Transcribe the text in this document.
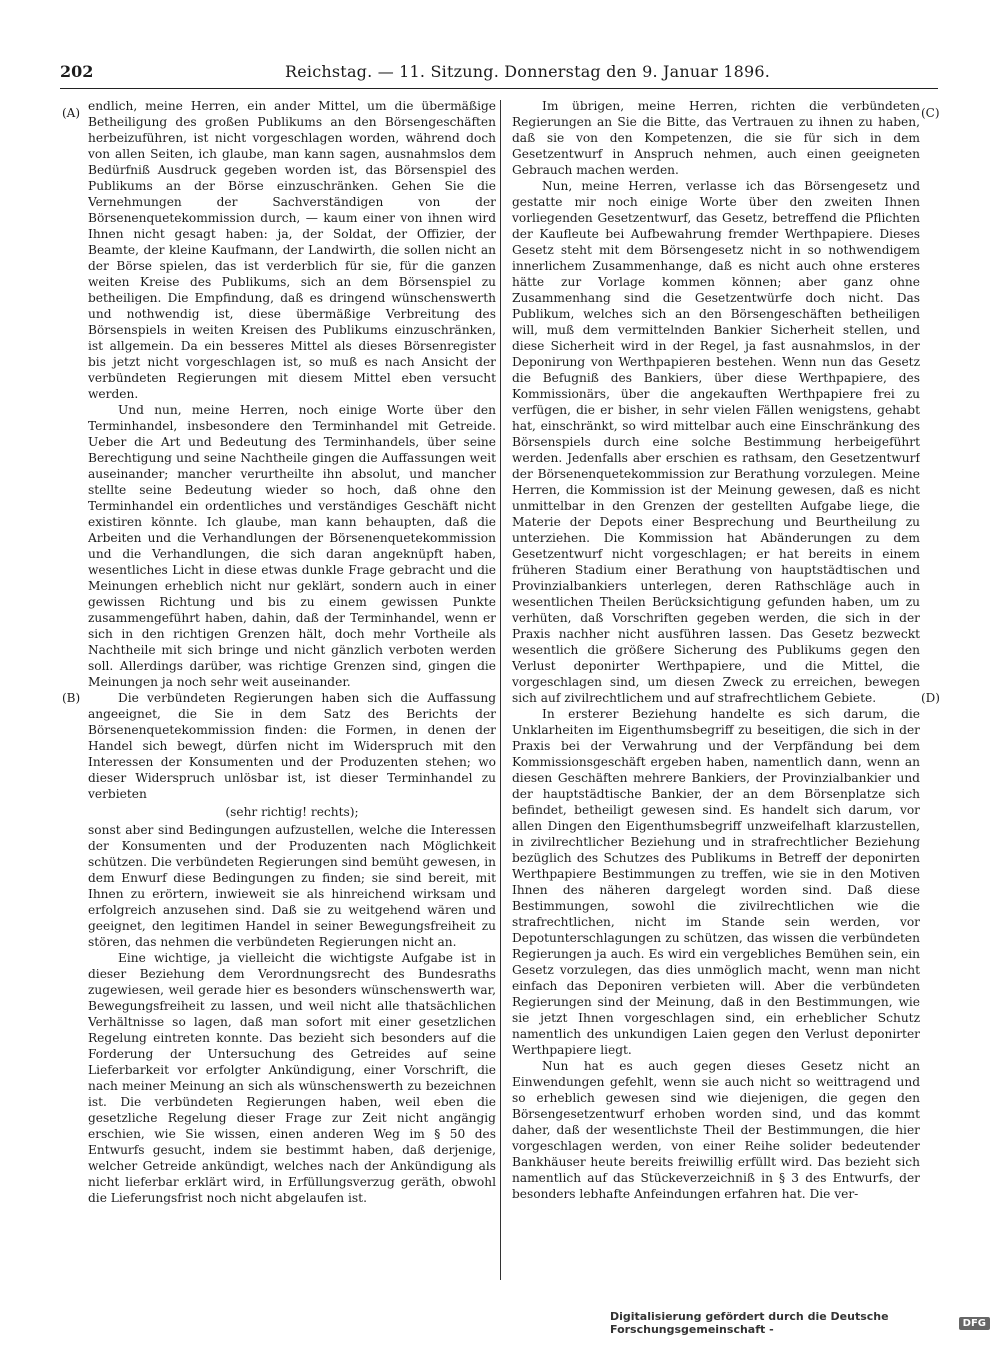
202	Reichstag. — 11. Sitzung. Donnerstag den 9. Januar 1896.
(A)
(B)
(C)
(D)

endlich, meine Herren, ein ander Mittel, um die übermäßige Betheiligung des großen Publikums an den Börsengeschäften herbeizuführen, ist nicht vorgeschlagen worden, während doch von allen Seiten, ich glaube, man kann sagen, ausnahmslos dem Bedürfniß Ausdruck gegeben worden ist, das Börsenspiel des Publikums an der Börse einzuschränken. Gehen Sie die Vernehmungen der Sachverständigen von der Börsenenquetekommission durch, — kaum einer von ihnen wird Ihnen nicht gesagt haben: ja, der Soldat, der Offizier, der Beamte, der kleine Kaufmann, der Landwirth, die sollen nicht an der Börse spielen, das ist verderblich für sie, für die ganzen weiten Kreise des Publikums, sich an dem Börsenspiel zu betheiligen. Die Empfindung, daß es dringend wünschenswerth und nothwendig ist, diese übermäßige Verbreitung des Börsenspiels in weiten Kreisen des Publikums einzuschränken, ist allgemein. Da ein besseres Mittel als dieses Börsenregister bis jetzt nicht vorgeschlagen ist, so muß es nach Ansicht der verbündeten Regierungen mit diesem Mittel eben versucht werden.

Und nun, meine Herren, noch einige Worte über den Terminhandel, insbesondere den Terminhandel mit Getreide. Ueber die Art und Bedeutung des Terminhandels, über seine Berechtigung und seine Nachtheile gingen die Auffassungen weit auseinander; mancher verurtheilte ihn absolut, und mancher stellte seine Bedeutung wieder so hoch, daß ohne den Terminhandel ein ordentliches und verständiges Geschäft nicht existiren könnte. Ich glaube, man kann behaupten, daß die Arbeiten und die Verhandlungen der Börsenenquetekommission und die Verhandlungen, die sich daran angeknüpft haben, wesentliches Licht in diese etwas dunkle Frage gebracht und die Meinungen erheblich nicht nur geklärt, sondern auch in einer gewissen Richtung und bis zu einem gewissen Punkte zusammengeführt haben, dahin, daß der Terminhandel, wenn er sich in den richtigen Grenzen hält, doch mehr Vortheile als Nachtheile mit sich bringe und nicht gänzlich verboten werden soll. Allerdings darüber, was richtige Grenzen sind, gingen die Meinungen ja noch sehr weit auseinander.

Die verbündeten Regierungen haben sich die Auffassung angeeignet, die Sie in dem Satz des Berichts der Börsenenquetekommission finden: die Formen, in denen der Handel sich bewegt, dürfen nicht im Widerspruch mit den Interessen der Konsumenten und der Produzenten stehen; wo dieser Widerspruch unlösbar ist, ist dieser Terminhandel zu verbieten

(sehr richtig! rechts);

sonst aber sind Bedingungen aufzustellen, welche die Interessen der Konsumenten und der Produzenten nach Möglichkeit schützen. Die verbündeten Regierungen sind bemüht gewesen, in dem Enwurf diese Bedingungen zu finden; sie sind bereit, mit Ihnen zu erörtern, inwieweit sie als hinreichend wirksam und erfolgreich anzusehen sind. Daß sie zu weitgehend wären und geeignet, den legitimen Handel in seiner Bewegungsfreiheit zu stören, das nehmen die verbündeten Regierungen nicht an.

Eine wichtige, ja vielleicht die wichtigste Aufgabe ist in dieser Beziehung dem Verordnungsrecht des Bundesraths zugewiesen, weil gerade hier es besonders wünschenswerth war, Bewegungsfreiheit zu lassen, und weil nicht alle thatsächlichen Verhältnisse so lagen, daß man sofort mit einer gesetzlichen Regelung eintreten konnte. Das bezieht sich besonders auf die Forderung der Untersuchung des Getreides auf seine Lieferbarkeit vor erfolgter Ankündigung, einer Vorschrift, die nach meiner Meinung an sich als wünschenswerth zu bezeichnen ist. Die verbündeten Regierungen haben, weil eben die gesetzliche Regelung dieser Frage zur Zeit nicht angängig erschien, wie Sie wissen, einen anderen Weg im § 50 des Entwurfs gesucht, indem sie bestimmt haben, daß derjenige, welcher Getreide ankündigt, welches nach der Ankündigung als nicht lieferbar erklärt wird, in Erfüllungsverzug geräth, obwohl die Lieferungsfrist noch nicht abgelaufen ist.

Im übrigen, meine Herren, richten die verbündeten Regierungen an Sie die Bitte, das Vertrauen zu ihnen zu haben, daß sie von den Kompetenzen, die sie für sich in dem Gesetzentwurf in Anspruch nehmen, auch einen geeigneten Gebrauch machen werden.

Nun, meine Herren, verlasse ich das Börsengesetz und gestatte mir noch einige Worte über den zweiten Ihnen vorliegenden Gesetzentwurf, das Gesetz, betreffend die Pflichten der Kaufleute bei Aufbewahrung fremder Werthpapiere. Dieses Gesetz steht mit dem Börsengesetz nicht in so nothwendigem innerlichem Zusammenhange, daß es nicht auch ohne ersteres hätte zur Vorlage kommen können; aber ganz ohne Zusammenhang sind die Gesetzentwürfe doch nicht. Das Publikum, welches sich an den Börsengeschäften betheiligen will, muß dem vermittelnden Bankier Sicherheit stellen, und diese Sicherheit wird in der Regel, ja fast ausnahmslos, in der Deponirung von Werthpapieren bestehen. Wenn nun das Gesetz die Befugniß des Bankiers, über diese Werthpapiere, des Kommissionärs, über die angekauften Werthpapiere frei zu verfügen, die er bisher, in sehr vielen Fällen wenigstens, gehabt hat, einschränkt, so wird mittelbar auch eine Einschränkung des Börsenspiels durch eine solche Bestimmung herbeigeführt werden. Jedenfalls aber erschien es rathsam, den Gesetzentwurf der Börsenenquetekommission zur Berathung vorzulegen. Meine Herren, die Kommission ist der Meinung gewesen, daß es nicht unmittelbar in den Grenzen der gestellten Aufgabe liege, die Materie der Depots einer Besprechung und Beurtheilung zu unterziehen. Die Kommission hat Abänderungen zu dem Gesetzentwurf nicht vorgeschlagen; er hat bereits in einem früheren Stadium einer Berathung von hauptstädtischen und Provinzialbankiers unterlegen, deren Rathschläge auch in wesentlichen Theilen Berücksichtigung gefunden haben, um zu verhüten, daß Vorschriften gegeben werden, die sich in der Praxis nachher nicht ausführen lassen. Das Gesetz bezweckt wesentlich die größere Sicherung des Publikums gegen den Verlust deponirter Werthpapiere, und die Mittel, die vorgeschlagen sind, um diesen Zweck zu erreichen, bewegen sich auf zivilrechtlichem und auf strafrechtlichem Gebiete.

In ersterer Beziehung handelte es sich darum, die Unklarheiten im Eigenthumsbegriff zu beseitigen, die sich in der Praxis bei der Verwahrung und der Verpfändung bei dem Kommissionsgeschäft ergeben haben, namentlich dann, wenn an diesen Geschäften mehrere Bankiers, der Provinzialbankier und der hauptstädtische Bankier, der an dem Börsenplatze sich befindet, betheiligt gewesen sind. Es handelt sich darum, vor allen Dingen den Eigenthumsbegriff unzweifelhaft klarzustellen, in zivilrechtlicher Beziehung und in strafrechtlicher Beziehung bezüglich des Schutzes des Publikums in Betreff der deponirten Werthpapiere Bestimmungen zu treffen, wie sie in den Motiven Ihnen des näheren dargelegt worden sind. Daß diese Bestimmungen, sowohl die zivilrechtlichen wie die strafrechtlichen, nicht im Stande sein werden, vor Depotunterschlagungen zu schützen, das wissen die verbündeten Regierungen ja auch. Es wird ein vergebliches Bemühen sein, ein Gesetz vorzulegen, das dies unmöglich macht, wenn man nicht einfach das Deponiren verbieten will. Aber die verbündeten Regierungen sind der Meinung, daß in den Bestimmungen, wie sie jetzt Ihnen vorgeschlagen sind, ein erheblicher Schutz namentlich des unkundigen Laien gegen den Verlust deponirter Werthpapiere liegt.

Nun hat es auch gegen dieses Gesetz nicht an Einwendungen gefehlt, wenn sie auch nicht so weittragend und so erheblich gewesen sind wie diejenigen, die gegen den Börsengesetzentwurf erhoben worden sind, und das kommt daher, daß der wesentlichste Theil der Bestimmungen, die hier vorgeschlagen werden, von einer Reihe solider bedeutender Bankhäuser heute bereits freiwillig erfüllt wird. Das bezieht sich namentlich auf das Stückeverzeichniß in § 3 des Entwurfs, der besonders lebhafte Anfeindungen erfahren hat. Die ver-

Digitalisierung gefördert durch die Deutsche Forschungsgemeinschaft -	DFG
